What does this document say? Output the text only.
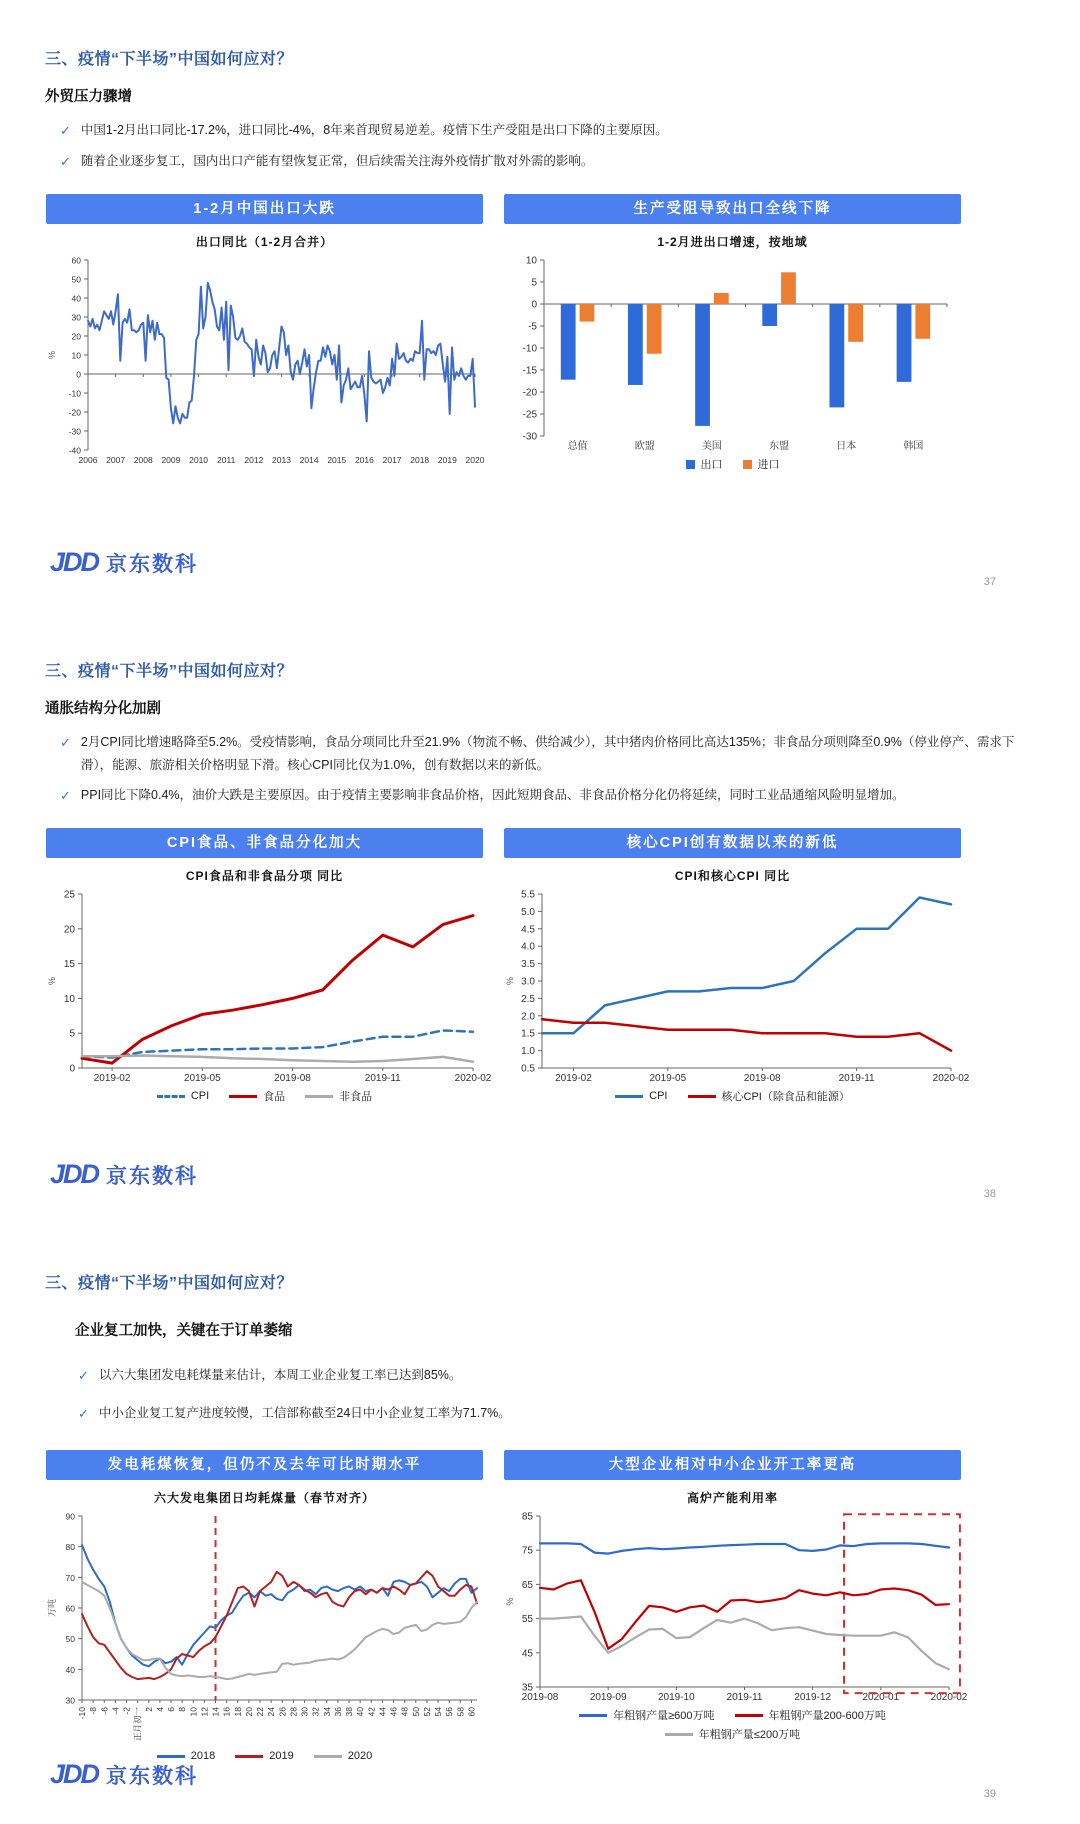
三、疫情“下半场”中国如何应对？
外贸压力骤增
✓ 中国1-2月出口同比-17.2%，进口同比-4%，8年来首现贸易逆差。疫情下生产受阻是出口下降的主要原因。
✓ 随着企业逐步复工，国内出口产能有望恢复正常，但后续需关注海外疫情扩散对外需的影响。
1-2月中国出口大跌
出口同比（1-2月合并）
-40
-30
-20
-10
0
10
20
30
40
50
60
%
2006 2007 2008 2009 2010 2011 2012 2013 2014 2015 2016 2017 2018 2019 2020
生产受阻导致出口全线下降
1-2月进出口增速，按地域
-30
-25
-20
-15
-10
-5
0
5
10
总值	欧盟	美国	东盟	日本	韩国
出口	进口
JDD 京东数科
37
三、疫情“下半场”中国如何应对？
通胀结构分化加剧
✓ 2月CPI同比增速略降至5.2%。受疫情影响，食品分项同比升至21.9%（物流不畅、供给减少），其中猪肉价格同比高达135%；非食品分项则降至0.9%（停业停产、需求下滑），能源、旅游相关价格明显下滑。核心CPI同比仅为1.0%，创有数据以来的新低。
✓ PPI同比下降0.4%，油价大跌是主要原因。由于疫情主要影响非食品价格，因此短期食品、非食品价格分化仍将延续，同时工业品通缩风险明显增加。
CPI食品、非食品分化加大
CPI食品和非食品分项 同比
0
5
10
15
20
25
%
2019-02	2019-05	2019-08	2019-11	2020-02
CPI	食品	非食品
核心CPI创有数据以来的新低
CPI和核心CPI 同比
0.5
1.0
1.5
2.0
2.5
3.0
3.5
4.0
4.5
5.0
5.5
%
2019-02	2019-05	2019-08	2019-11	2020-02
CPI	核心CPI（除食品和能源）
JDD 京东数科
38
三、疫情“下半场”中国如何应对？
企业复工加快，关键在于订单萎缩
✓ 以六大集团发电耗煤量来估计，本周工业企业复工率已达到85%。
✓ 中小企业复工复产进度较慢，工信部称截至24日中小企业复工率为71.7%。
发电耗煤恢复，但仍不及去年可比时期水平
六大发电集团日均耗煤量（春节对齐）
30
40
50
60
70
80
90
万吨
-10 -8 -6 -4 -2 正月初一 2 4 6 8 10 12 14 16 18 20 22 24 26 28 30 32 34 36 38 40 42 44 46 48 50 52 54 56 58 60
2018	2019	2020
大型企业相对中小企业开工率更高
高炉产能利用率
35
45
55
65
75
85
%
2019-08	2019-09	2019-10	2019-11	2019-12	2020-01	2020-02
年粗钢产量≥600万吨	年粗钢产量200-600万吨
年粗钢产量≤200万吨
JDD 京东数科
39
